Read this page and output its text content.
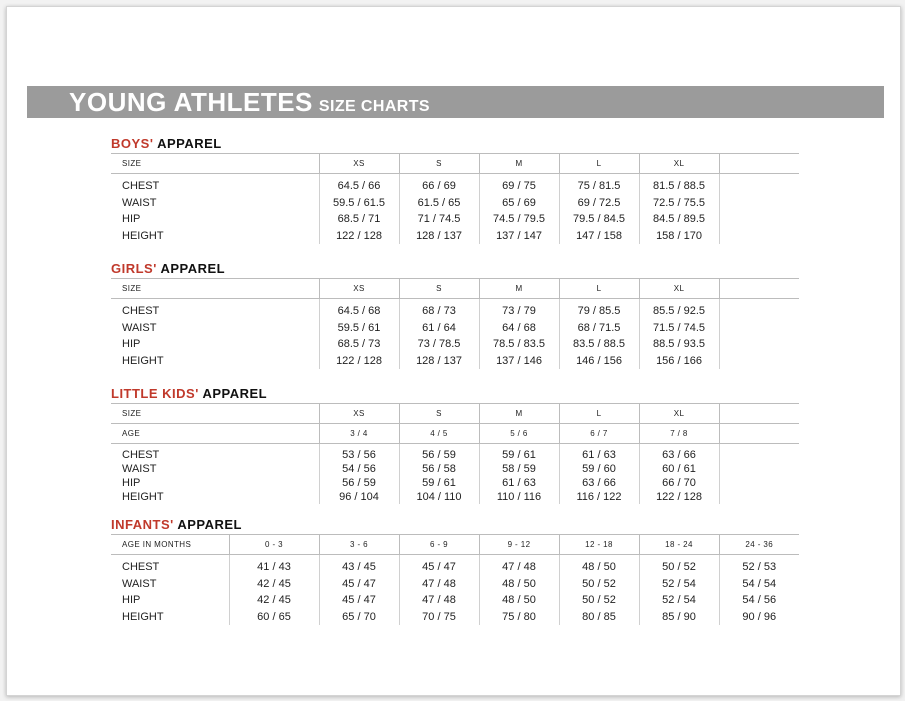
YOUNG ATHLETES SIZE CHARTS
BOYS' APPAREL
SIZE	XS	S	M	L	XL	
CHEST	64.5 / 66	66 / 69	69 / 75	75 / 81.5	81.5 / 88.5	
WAIST	59.5 / 61.5	61.5 / 65	65 / 69	69 / 72.5	72.5 / 75.5	
HIP	68.5 / 71	71 / 74.5	74.5 / 79.5	79.5 / 84.5	84.5 / 89.5	
HEIGHT	122 / 128	128 / 137	137 / 147	147 / 158	158 / 170	
GIRLS' APPAREL
SIZE	XS	S	M	L	XL	
CHEST	64.5 / 68	68 / 73	73 / 79	79 / 85.5	85.5 / 92.5	
WAIST	59.5 / 61	61 / 64	64 / 68	68 / 71.5	71.5 / 74.5	
HIP	68.5 / 73	73 / 78.5	78.5 / 83.5	83.5 / 88.5	88.5 / 93.5	
HEIGHT	122 / 128	128 / 137	137 / 146	146 / 156	156 / 166	
LITTLE KIDS' APPAREL
SIZE	XS	S	M	L	XL	
AGE	3 / 4	4 / 5	5 / 6	6 / 7	7 / 8	
CHEST	53 / 56	56 / 59	59 / 61	61 / 63	63 / 66	
WAIST	54 / 56	56 / 58	58 / 59	59 / 60	60 / 61	
HIP	56 / 59	59 / 61	61 / 63	63 / 66	66 / 70	
HEIGHT	96 / 104	104 / 110	110 / 116	116 / 122	122 / 128	
INFANTS' APPAREL
AGE IN MONTHS	0 - 3	3 - 6	6 - 9	9 - 12	12 - 18	18 - 24	24 - 36
CHEST	41 / 43	43 / 45	45 / 47	47 / 48	48 / 50	50 / 52	52 / 53
WAIST	42 / 45	45 / 47	47 / 48	48 / 50	50 / 52	52 / 54	54 / 54
HIP	42 / 45	45 / 47	47 / 48	48 / 50	50 / 52	52 / 54	54 / 56
HEIGHT	60 / 65	65 / 70	70 / 75	75 / 80	80 / 85	85 / 90	90 / 96
